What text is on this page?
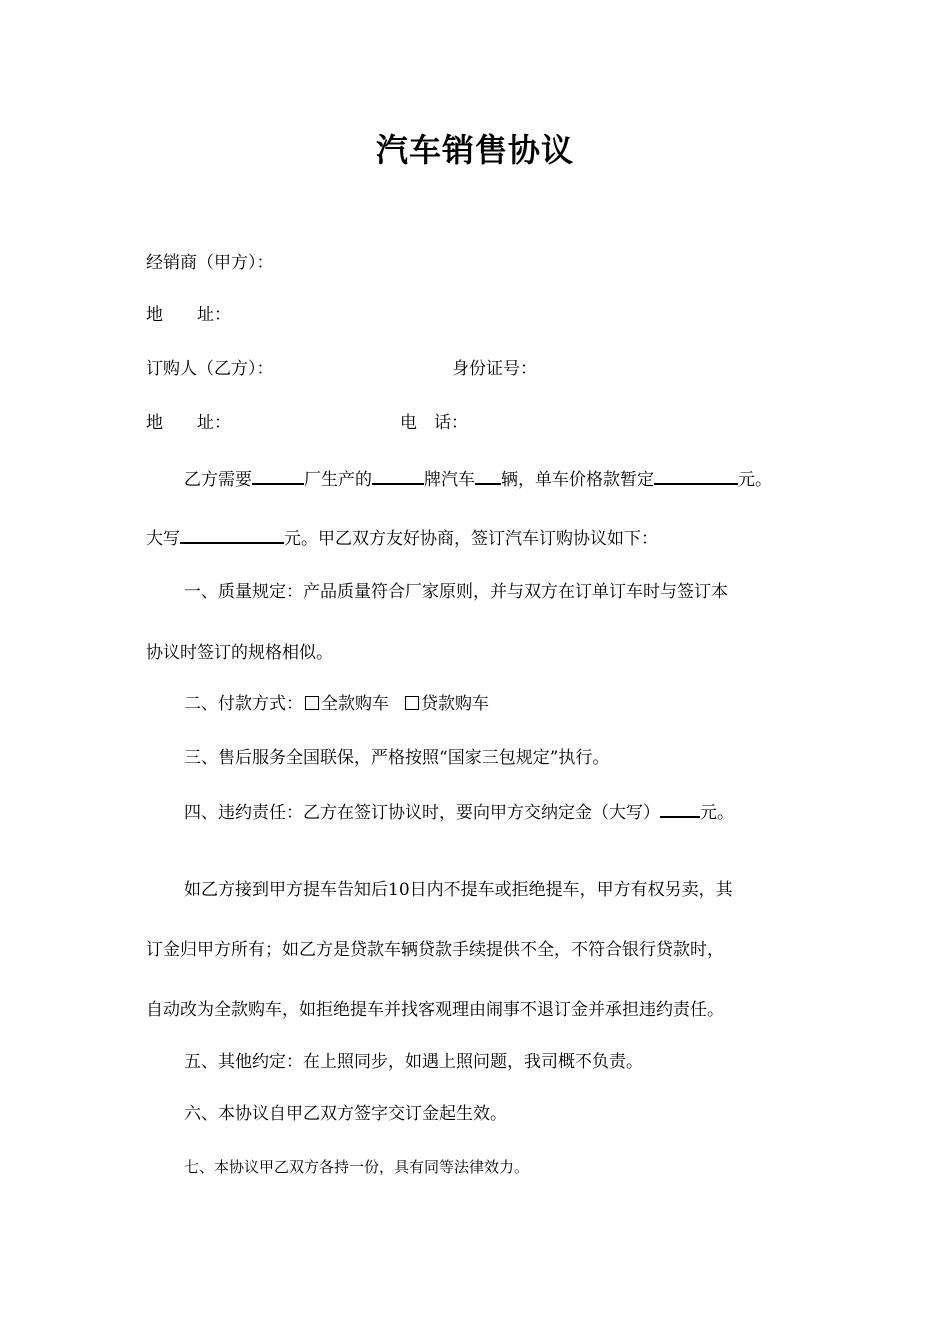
汽车销售协议
经销商（甲方）：
地　　址：
订购人（乙方）：	身份证号：
地　　址：	电　话：
乙方需要	厂生产的	牌汽车 辆，单车价格款暂定	元。
大写	元。甲乙双方友好协商，签订汽车订购协议如下：
一、质量规定：产品质量符合厂家原则，并与双方在订单订车时与签订本
协议时签订的规格相似。
二、付款方式： 全款购车 贷款购车
三、售后服务全国联保，严格按照“国家三包规定”执行。
四、违约责任：乙方在签订协议时，要向甲方交纳定金（大写） 元。
如乙方接到甲方提车告知后10日内不提车或拒绝提车，甲方有权另卖，其
订金归甲方所有；如乙方是贷款车辆贷款手续提供不全，不符合银行贷款时，
自动改为全款购车，如拒绝提车并找客观理由闹事不退订金并承担违约责任。
五、其他约定：在上照同步，如遇上照问题，我司概不负责。
六、本协议自甲乙双方签字交订金起生效。
七、本协议甲乙双方各持一份，具有同等法律效力。
